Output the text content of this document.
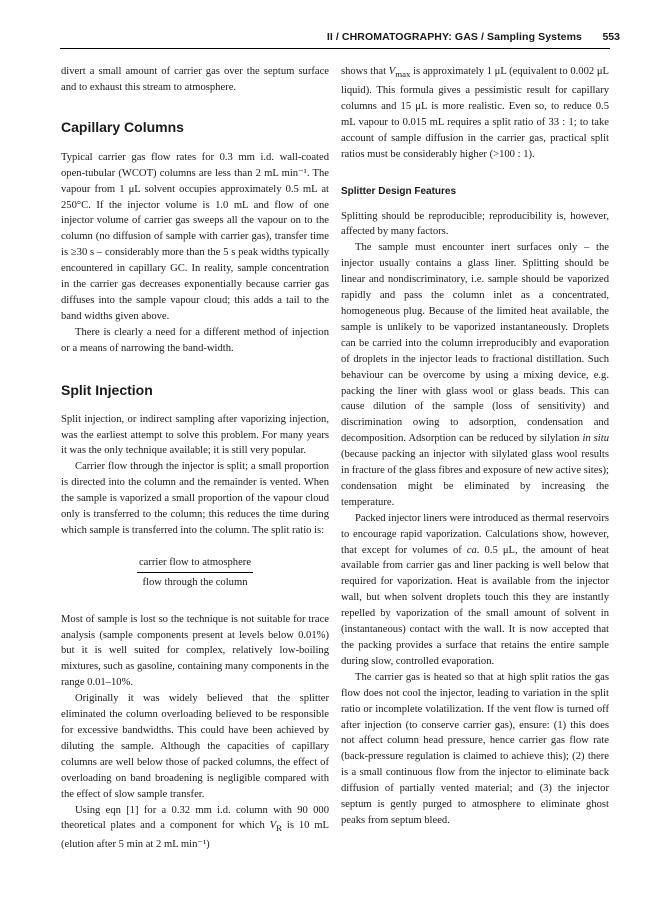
II / CHROMATOGRAPHY: GAS / Sampling Systems 553

divert a small amount of carrier gas over the septum surface and to exhaust this stream to atmosphere.

Capillary Columns

Typical carrier gas flow rates for 0.3 mm i.d. wall-coated open-tubular (WCOT) columns are less than 2 mL min⁻¹. The vapour from 1 μL solvent occupies approximately 0.5 mL at 250°C. If the injector volume is 1.0 mL and flow of one injector volume of carrier gas sweeps all the vapour on to the column (no diffusion of sample with carrier gas), transfer time is ≥30 s – considerably more than the 5 s peak widths typically encountered in capillary GC. In reality, sample concentration in the carrier gas decreases exponentially because carrier gas diffuses into the sample vapour cloud; this adds a tail to the band widths given above.

There is clearly a need for a different method of injection or a means of narrowing the band-width.

Split Injection

Split injection, or indirect sampling after vaporizing injection, was the earliest attempt to solve this problem. For many years it was the only technique available; it is still very popular.

Carrier flow through the injector is split; a small proportion is directed into the column and the remainder is vented. When the sample is vaporized a small proportion of the vapour cloud only is transferred to the column; this reduces the time during which sample is transferred into the column. The split ratio is:

carrier flow to atmosphere
flow through the column

Most of sample is lost so the technique is not suitable for trace analysis (sample components present at levels below 0.01%) but it is well suited for complex, relatively low-boiling mixtures, such as gasoline, containing many components in the range 0.01–10%.

Originally it was widely believed that the splitter eliminated the column overloading believed to be responsible for excessive bandwidths. This could have been achieved by diluting the sample. Although the capacities of capillary columns are well below those of packed columns, the effect of overloading on band broadening is negligible compared with the effect of slow sample transfer.

Using eqn [1] for a 0.32 mm i.d. column with 90 000 theoretical plates and a component for which $V_R$ is 10 mL (elution after 5 min at 2 mL min⁻¹)

shows that $V_{max}$ is approximately 1 μL (equivalent to 0.002 μL liquid). This formula gives a pessimistic result for capillary columns and 15 μL is more realistic. Even so, to reduce 0.5 mL vapour to 0.015 mL requires a split ratio of 33 : 1; to take account of sample diffusion in the carrier gas, practical split ratios must be considerably higher (>100 : 1).

Splitter Design Features

Splitting should be reproducible; reproducibility is, however, affected by many factors.

The sample must encounter inert surfaces only – the injector usually contains a glass liner. Splitting should be linear and nondiscriminatory, i.e. sample should be vaporized rapidly and pass the column inlet as a concentrated, homogeneous plug. Because of the limited heat available, the sample is unlikely to be vaporized instantaneously. Droplets can be carried into the column irreproducibly and evaporation of droplets in the injector leads to fractional distillation. Such behaviour can be overcome by using a mixing device, e.g. packing the liner with glass wool or glass beads. This can cause dilution of the sample (loss of sensitivity) and discrimination owing to adsorption, condensation and decomposition. Adsorption can be reduced by silylation in situ (because packing an injector with silylated glass wool results in fracture of the glass fibres and exposure of new active sites); condensation might be eliminated by increasing the temperature.

Packed injector liners were introduced as thermal reservoirs to encourage rapid vaporization. Calculations show, however, that except for volumes of ca. 0.5 μL, the amount of heat available from carrier gas and liner packing is well below that required for vaporization. Heat is available from the injector wall, but when solvent droplets touch this they are instantly repelled by vaporization of the small amount of solvent in (instantaneous) contact with the wall. It is now accepted that the packing provides a surface that retains the entire sample during slow, controlled evaporation.

The carrier gas is heated so that at high split ratios the gas flow does not cool the injector, leading to variation in the split ratio or incomplete volatilization. If the vent flow is turned off after injection (to conserve carrier gas), ensure: (1) this does not affect column head pressure, hence carrier gas flow rate (back-pressure regulation is claimed to achieve this); (2) there is a small continuous flow from the injector to eliminate back diffusion of partially vented material; and (3) the injector septum is gently purged to atmosphere to eliminate ghost peaks from septum bleed.
